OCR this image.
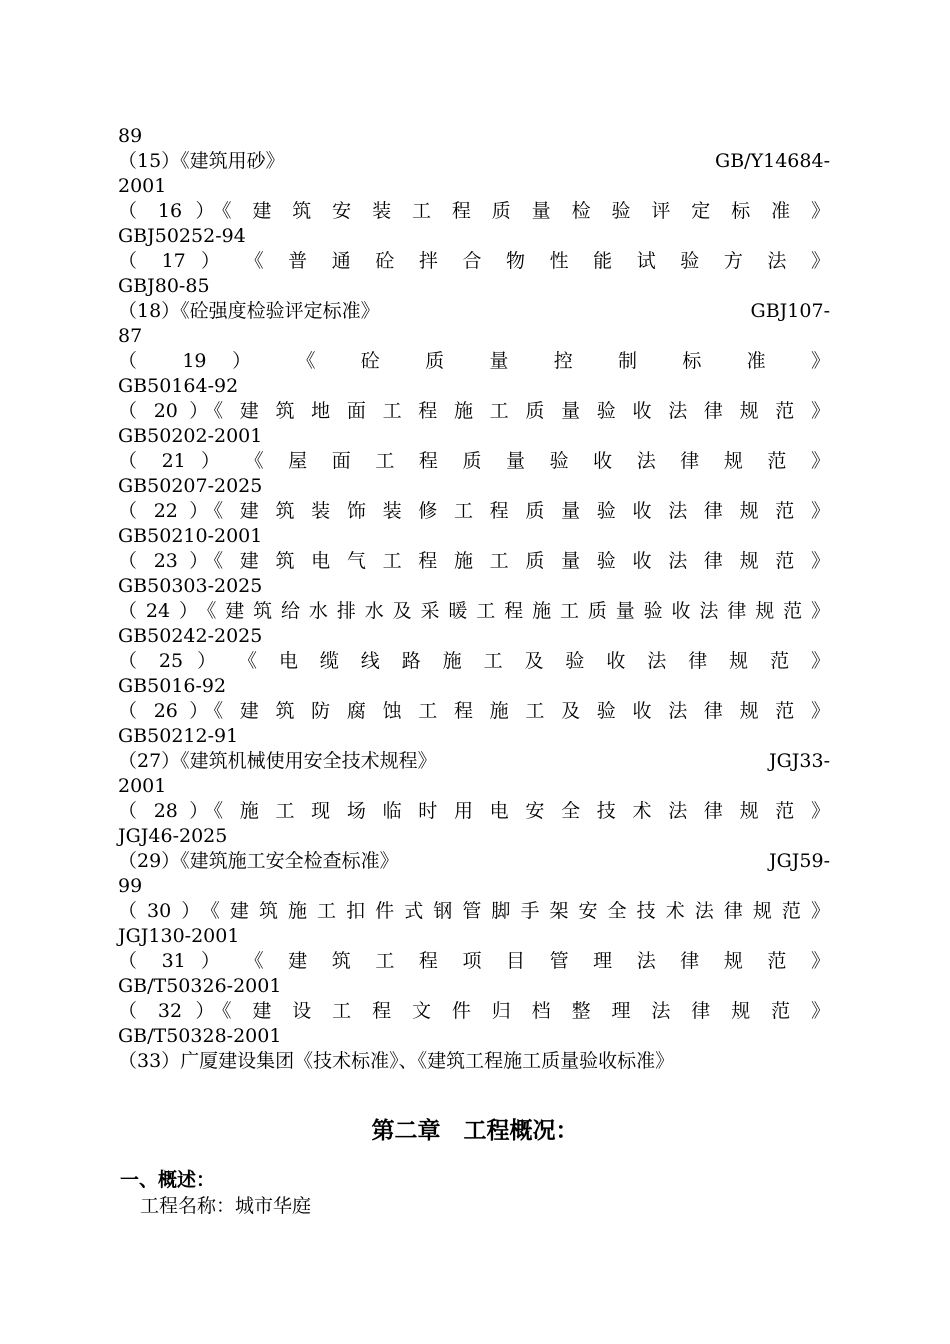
89
（15）《建筑用砂》	GB/Y14684-
2001
（ 16 ）《 建 筑 安 装 工 程 质 量 检 验 评 定 标 准 》
GBJ50252-94
（ 17 ） 《 普 通 砼 拌 合 物 性 能 试 验 方 法 》
GBJ80-85
（18）《砼强度检验评定标准》	GBJ107-
87
（ 19 ） 《 砼 质 量 控 制 标 准 》
GB50164-92
（ 20 ）《 建 筑 地 面 工 程 施 工 质 量 验 收 法 律 规 范 》
GB50202-2001
（ 21 ） 《 屋 面 工 程 质 量 验 收 法 律 规 范 》
GB50207-2025
（ 22 ）《 建 筑 装 饰 装 修 工 程 质 量 验 收 法 律 规 范 》
GB50210-2001
（ 23 ）《 建 筑 电 气 工 程 施 工 质 量 验 收 法 律 规 范 》
GB50303-2025
（24）《建筑给水排水及采暖工程施工质量验收法律规范》
GB50242-2025
（ 25 ） 《 电 缆 线 路 施 工 及 验 收 法 律 规 范 》
GB5016-92
（ 26 ）《 建 筑 防 腐 蚀 工 程 施 工 及 验 收 法 律 规 范 》
GB50212-91
（27）《建筑机械使用安全技术规程》	JGJ33-
2001
（ 28 ）《 施 工 现 场 临 时 用 电 安 全 技 术 法 律 规 范 》
JGJ46-2025
（29）《建筑施工安全检查标准》	JGJ59-
99
（30）《建筑施工扣件式钢管脚手架安全技术法律规范》
JGJ130-2001
（ 31 ） 《 建 筑 工 程 项 目 管 理 法 律 规 范 》
GB/T50326-2001
（ 32 ）《 建 设 工 程 文 件 归 档 整 理 法 律 规 范 》
GB/T50328-2001
（33）广厦建设集团《技术标准》、《建筑工程施工质量验收标准》
第二章　工程概况：
一、概述：
工程名称：城市华庭
